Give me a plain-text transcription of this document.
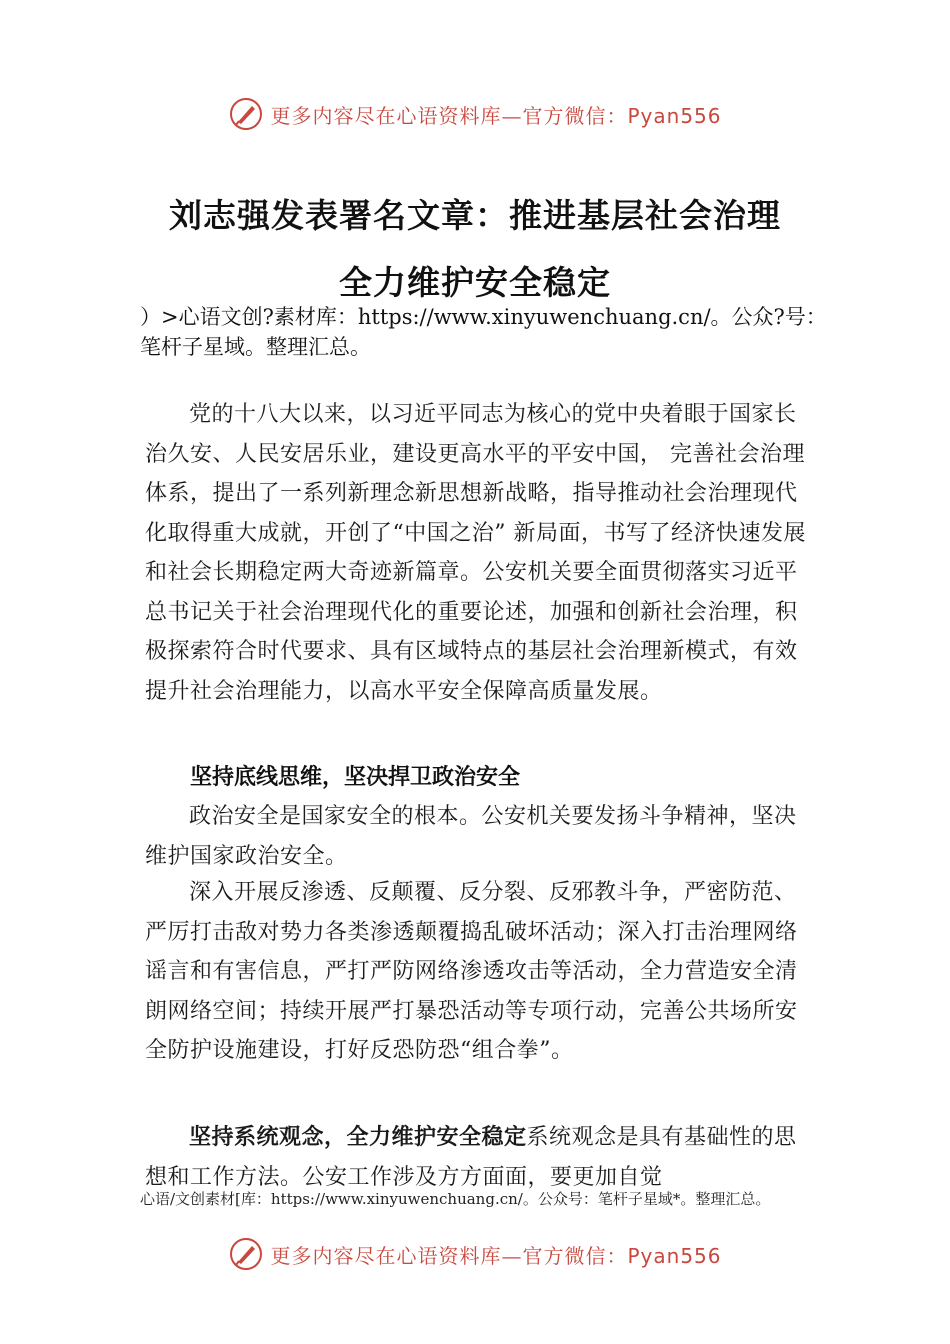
更多内容尽在心语资料库—官方微信：Pyan556
刘志强发表署名文章：推进基层社会治理
全力维护安全稳定
）>心语文创?素材库：https://www.xinyuwenchuang.cn/。公众?号：笔杆子星域。整理汇总。
党的十八大以来，以习近平同志为核心的党中央着眼于国家长治久安、人民安居乐业，建设更高水平的平安中国， 完善社会治理体系，提出了一系列新理念新思想新战略，指导推动社会治理现代化取得重大成就，开创了“中国之治” 新局面，书写了经济快速发展和社会长期稳定两大奇迹新篇章。公安机关要全面贯彻落实习近平总书记关于社会治理现代化的重要论述，加强和创新社会治理，积极探索符合时代要求、具有区域特点的基层社会治理新模式，有效提升社会治理能力，以高水平安全保障高质量发展。
坚持底线思维，坚决捍卫政治安全
政治安全是国家安全的根本。公安机关要发扬斗争精神，坚决维护国家政治安全。
深入开展反渗透、反颠覆、反分裂、反邪教斗争，严密防范、严厉打击敌对势力各类渗透颠覆捣乱破坏活动；深入打击治理网络谣言和有害信息，严打严防网络渗透攻击等活动，全力营造安全清朗网络空间；持续开展严打暴恐活动等专项行动，完善公共场所安全防护设施建设，打好反恐防恐“组合拳”。
坚持系统观念，全力维护安全稳定系统观念是具有基础性的思想和工作方法。公安工作涉及方方面面，要更加自觉
心语/文创素材[库：https://www.xinyuwenchuang.cn/。公众号：笔杆子星域*。整理汇总。
更多内容尽在心语资料库—官方微信：Pyan556
